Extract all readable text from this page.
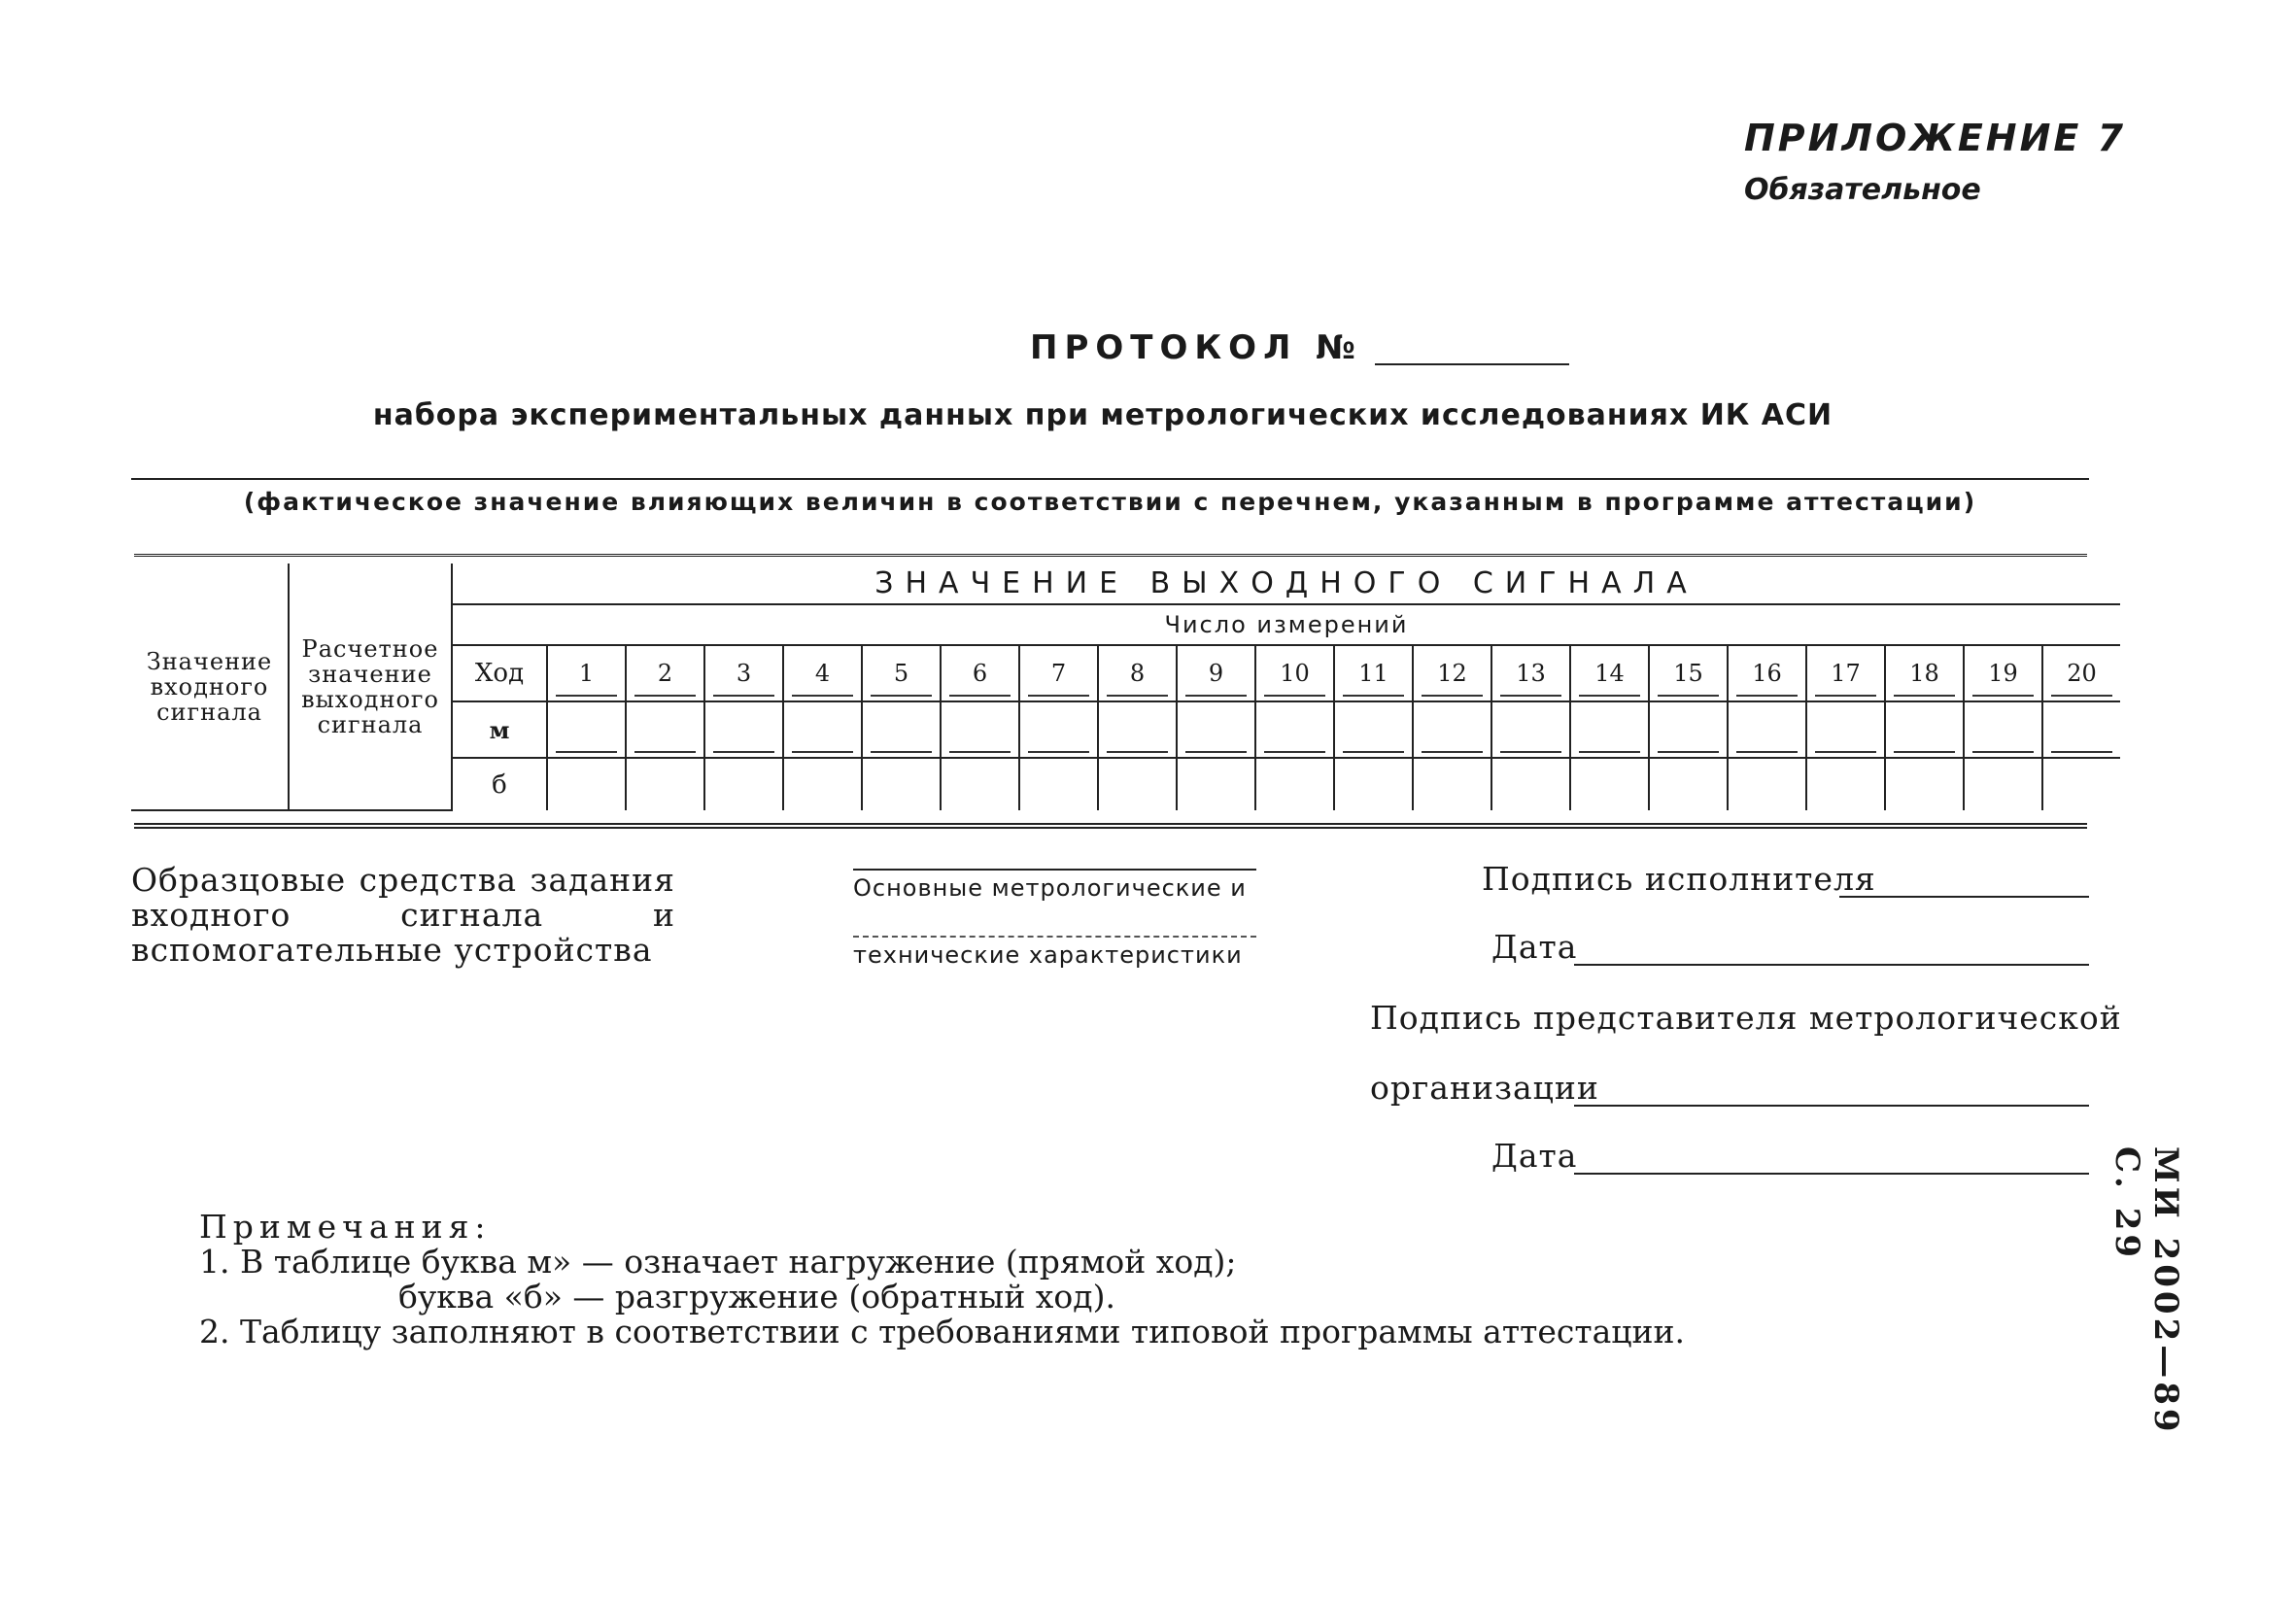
ПРИЛОЖЕНИЕ 7
Обязательное
ПРОТОКОЛ №
набора экспериментальных данных при метрологических исследованиях ИК АСИ
(фактическое значение влияющих величин в соответствии с перечнем, указанным в программе аттестации)
Значение входного сигнала	Расчетное значение выходного сигнала	ЗНАЧЕНИЕ ВЫХОДНОГО СИГНАЛА																				
		Число измерений																				
		Ход	1	2	3	4	5	6	7	8	9	10	11	12	13	14	15	16	17	18	19	20

		м	

		б																				
Образцовые средства задания входного сигнала и вспомогательные устройства
Основные метрологические и
технические характеристики
Подпись исполнителя
Дата
Подпись представителя метрологической
организации
Дата
Примечания:
1. В таблице буква м» — означает нагружение (прямой ход);
буква «б» — разгружение (обратный ход).
2. Таблицу заполняют в соответствии с требованиями типовой программы аттестации.	МИ 2002—89 С. 29
